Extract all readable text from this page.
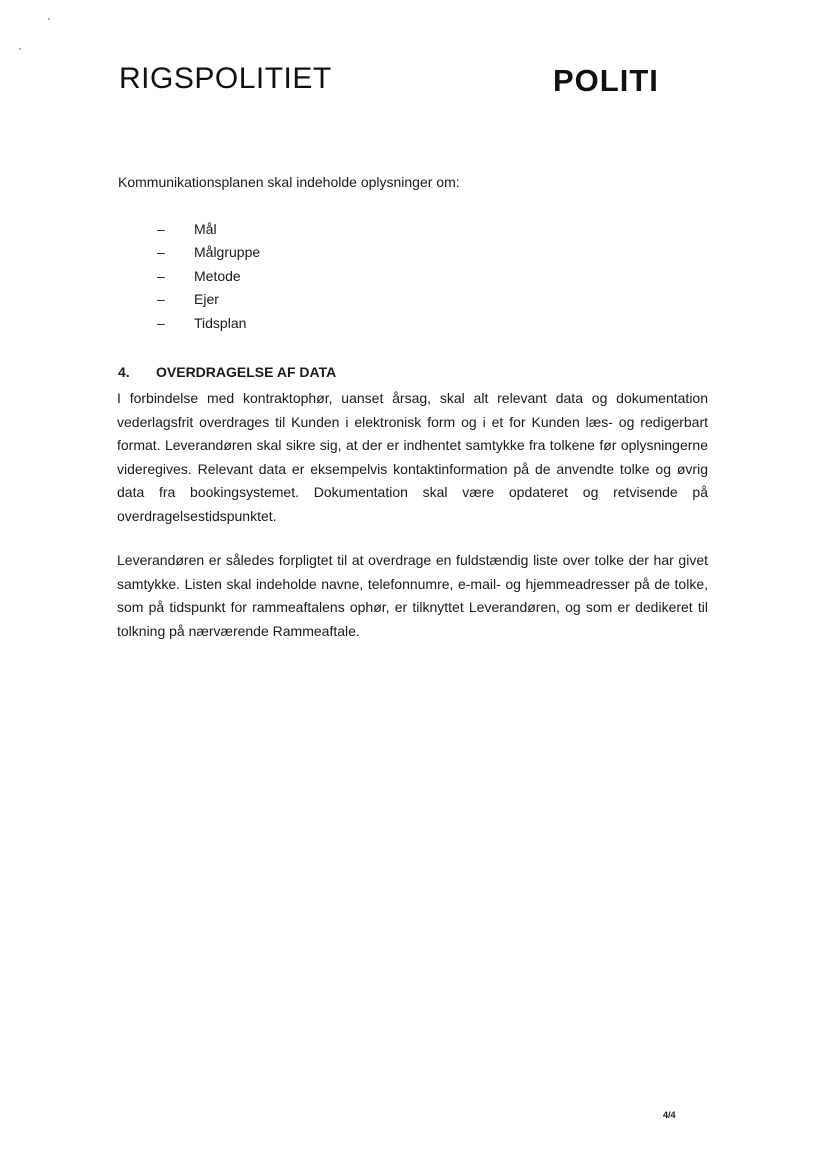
RIGSPOLITIET	POLITI
Kommunikationsplanen skal indeholde oplysninger om:
–	Mål
–	Målgruppe
–	Metode
–	Ejer
–	Tidsplan
4.	OVERDRAGELSE AF DATA

I forbindelse med kontraktophør, uanset årsag, skal alt relevant data og dokumentation vederlagsfrit overdrages til Kunden i elektronisk form og i et for Kunden læs- og redigerbart format. Leverandøren skal sikre sig, at der er indhentet samtykke fra tolkene før oplysningerne videregives. Relevant data er eksempelvis kontaktinformation på de anvendte tolke og øvrig data fra bookingsystemet. Dokumentation skal være opdateret og retvisende på overdragelsestidspunktet.

Leverandøren er således forpligtet til at overdrage en fuldstændig liste over tolke der har givet samtykke. Listen skal indeholde navne, telefonnumre, e-mail- og hjemmeadresser på de tolke, som på tidspunkt for rammeaftalens ophør, er tilknyttet Leverandøren, og som er dedikeret til tolkning på nærværende Rammeaftale.

4/4
